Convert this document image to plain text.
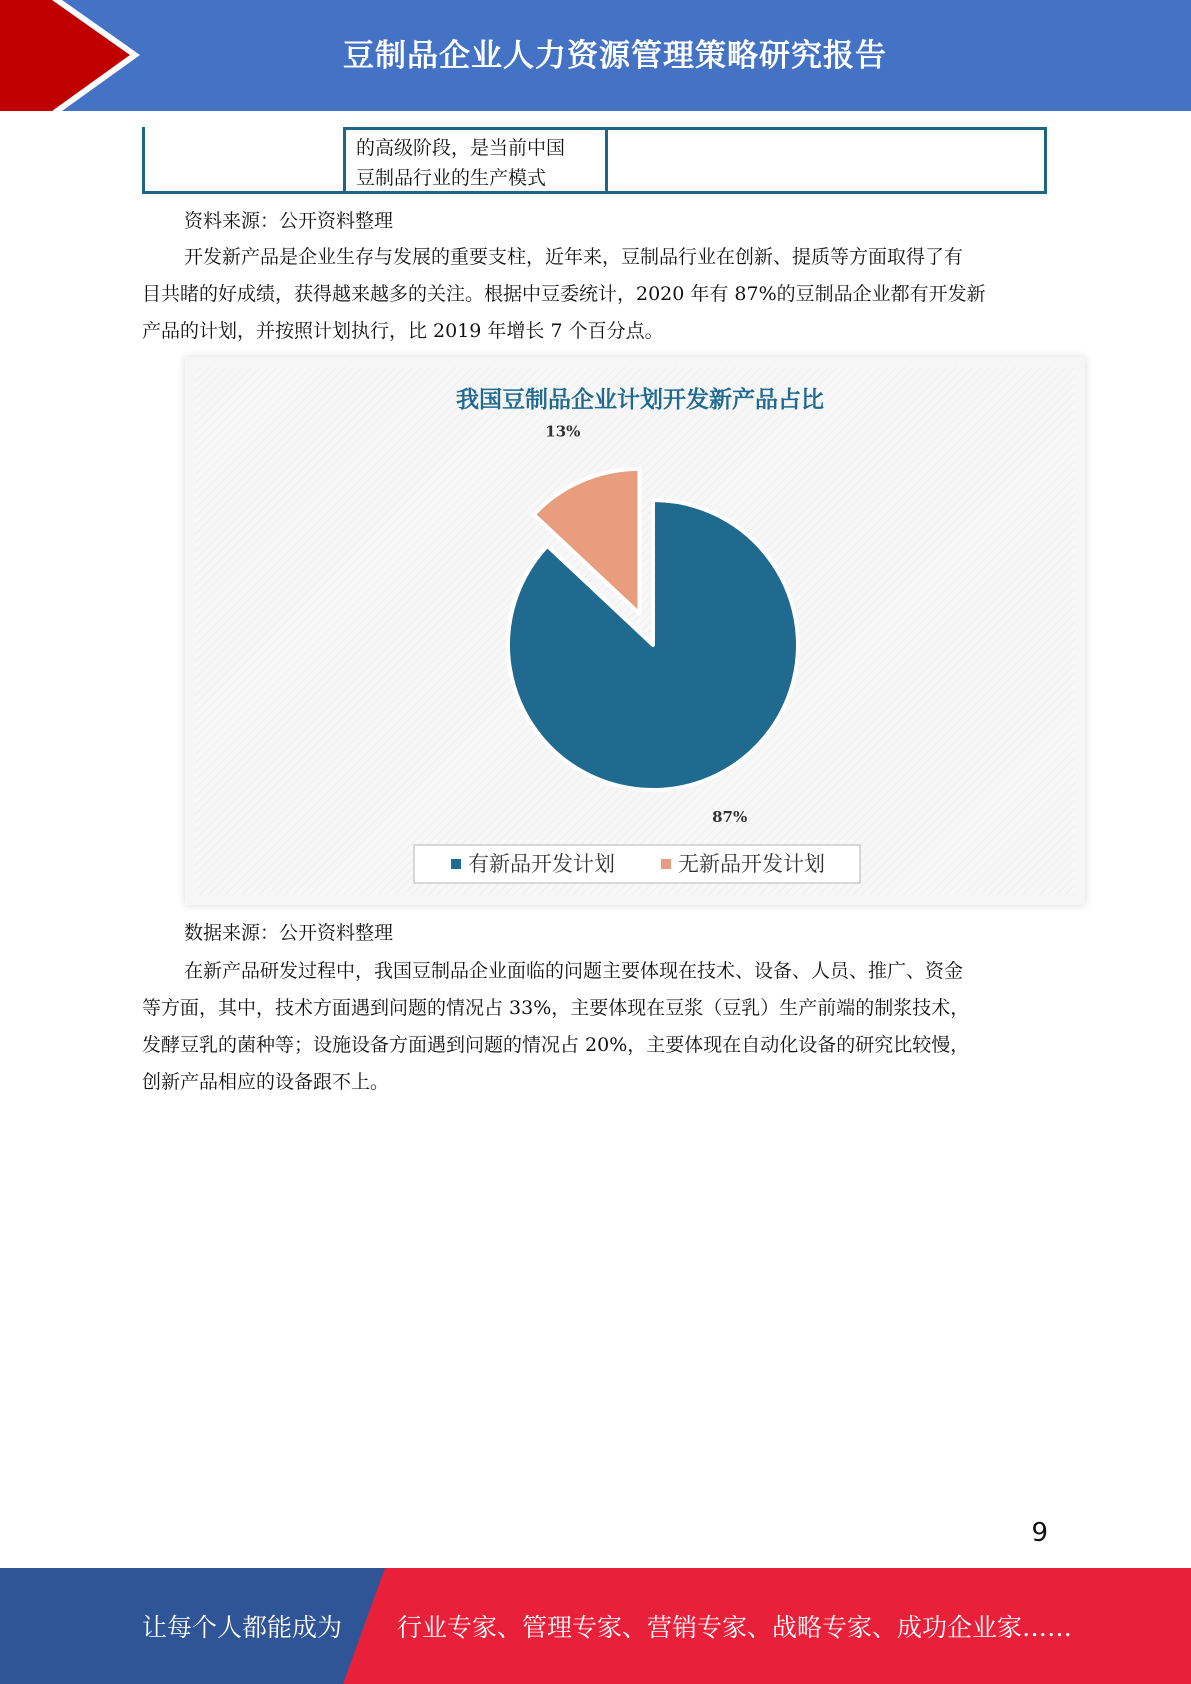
豆制品企业人力资源管理策略研究报告
的高级阶段，是当前中国
豆制品行业的生产模式
资料来源：公开资料整理
开发新产品是企业生存与发展的重要支柱，近年来，豆制品行业在创新、提质等方面取得了有
目共睹的好成绩，获得越来越多的关注。根据中豆委统计，2020 年有 87%的豆制品企业都有开发新
产品的计划，并按照计划执行，比 2019 年增长 7 个百分点。
我国豆制品企业计划开发新产品占比
87%
13%
有新品开发计划	无新品开发计划
数据来源：公开资料整理
在新产品研发过程中，我国豆制品企业面临的问题主要体现在技术、设备、人员、推广、资金
等方面，其中，技术方面遇到问题的情况占 33%，主要体现在豆浆（豆乳）生产前端的制浆技术，
发酵豆乳的菌种等；设施设备方面遇到问题的情况占 20%，主要体现在自动化设备的研究比较慢，
创新产品相应的设备跟不上。
9
让每个人都能成为 行业专家、管理专家、营销专家、战略专家、成功企业家……
